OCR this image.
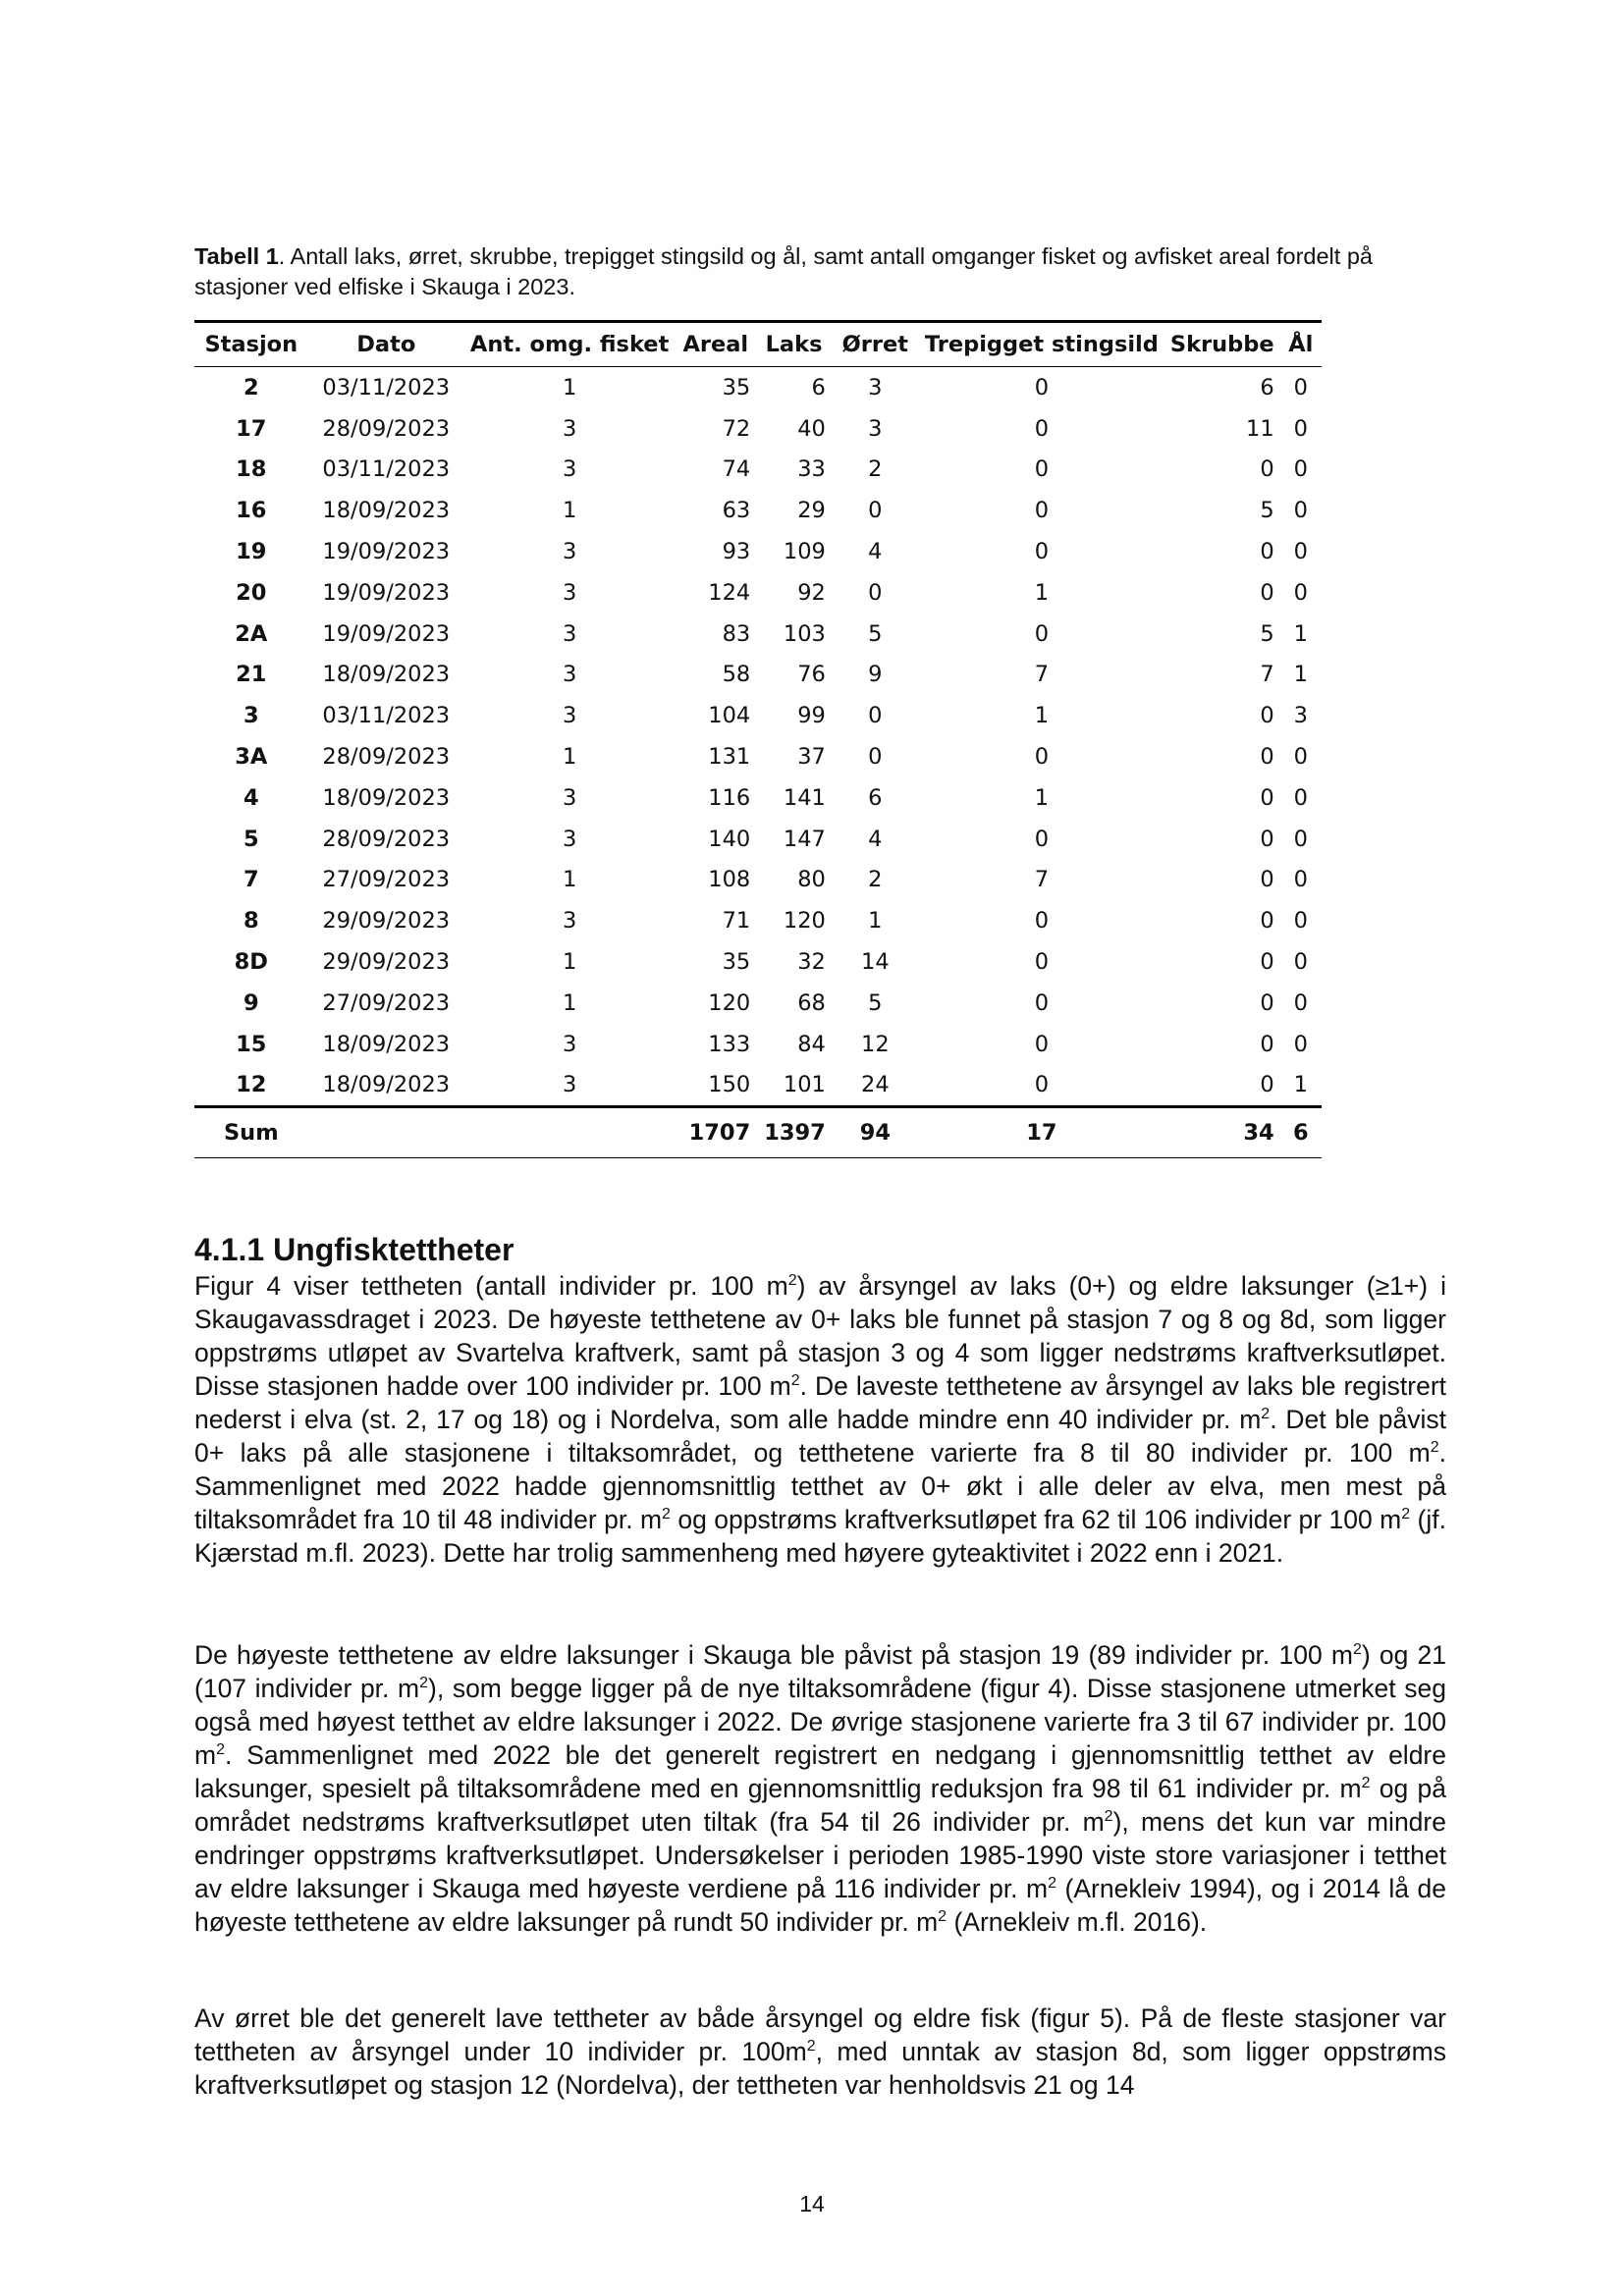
Tabell 1. Antall laks, ørret, skrubbe, trepigget stingsild og ål, samt antall omganger fisket og avfisket areal fordelt på stasjoner ved elfiske i Skauga i 2023.
Stasjon	Dato	Ant. omg. fisket	Areal	Laks	Ørret	Trepigget stingsild	Skrubbe	Ål
2	03/11/2023	1	35	6	3	0	6	0
17	28/09/2023	3	72	40	3	0	11	0
18	03/11/2023	3	74	33	2	0	0	0
16	18/09/2023	1	63	29	0	0	5	0
19	19/09/2023	3	93	109	4	0	0	0
20	19/09/2023	3	124	92	0	1	0	0
2A	19/09/2023	3	83	103	5	0	5	1
21	18/09/2023	3	58	76	9	7	7	1
3	03/11/2023	3	104	99	0	1	0	3
3A	28/09/2023	1	131	37	0	0	0	0
4	18/09/2023	3	116	141	6	1	0	0
5	28/09/2023	3	140	147	4	0	0	0
7	27/09/2023	1	108	80	2	7	0	0
8	29/09/2023	3	71	120	1	0	0	0
8D	29/09/2023	1	35	32	14	0	0	0
9	27/09/2023	1	120	68	5	0	0	0
15	18/09/2023	3	133	84	12	0	0	0
12	18/09/2023	3	150	101	24	0	0	1
Sum			1707	1397	94	17	34	6
4.1.1 Ungfisktettheter
Figur 4 viser tettheten (antall individer pr. 100 $m^2$) av årsyngel av laks (0+) og eldre laksunger (≥1+) i Skaugavassdraget i 2023. De høyeste tetthetene av 0+ laks ble funnet på stasjon 7 og 8 og 8d, som ligger oppstrøms utløpet av Svartelva kraftverk, samt på stasjon 3 og 4 som ligger nedstrøms kraftverksutløpet. Disse stasjonen hadde over 100 individer pr. 100 $m^2$. De laveste tetthetene av årsyngel av laks ble registrert nederst i elva (st. 2, 17 og 18) og i Nordelva, som alle hadde mindre enn 40 individer pr. $m^2$. Det ble påvist 0+ laks på alle stasjonene i tiltaksområdet, og tetthetene varierte fra 8 til 80 individer pr. 100 $m^2$. Sammenlignet med 2022 hadde gjennomsnittlig tetthet av 0+ økt i alle deler av elva, men mest på tiltaksområdet fra 10 til 48 individer pr. $m^2$ og oppstrøms kraftverksutløpet fra 62 til 106 individer pr 100 $m^2$ (jf. Kjærstad m.fl. 2023). Dette har trolig sammenheng med høyere gyteaktivitet i 2022 enn i 2021.
De høyeste tetthetene av eldre laksunger i Skauga ble påvist på stasjon 19 (89 individer pr. 100 $m^2$) og 21 (107 individer pr. $m^2$), som begge ligger på de nye tiltaksområdene (figur 4). Disse stasjonene utmerket seg også med høyest tetthet av eldre laksunger i 2022. De øvrige stasjonene varierte fra 3 til 67 individer pr. 100 $m^2$. Sammenlignet med 2022 ble det generelt registrert en nedgang i gjennomsnittlig tetthet av eldre laksunger, spesielt på tiltaksområdene med en gjennomsnittlig reduksjon fra 98 til 61 individer pr. $m^2$ og på området nedstrøms kraftverksutløpet uten tiltak (fra 54 til 26 individer pr. $m^2$), mens det kun var mindre endringer oppstrøms kraftverksutløpet. Undersøkelser i perioden 1985-1990 viste store variasjoner i tetthet av eldre laksunger i Skauga med høyeste verdiene på 116 individer pr. $m^2$ (Arnekleiv 1994), og i 2014 lå de høyeste tetthetene av eldre laksunger på rundt 50 individer pr. $m^2$ (Arnekleiv m.fl. 2016).
Av ørret ble det generelt lave tettheter av både årsyngel og eldre fisk (figur 5). På de fleste stasjoner var tettheten av årsyngel under 10 individer pr. $100m^2$, med unntak av stasjon 8d, som ligger oppstrøms kraftverksutløpet og stasjon 12 (Nordelva), der tettheten var henholdsvis 21 og 14
14
